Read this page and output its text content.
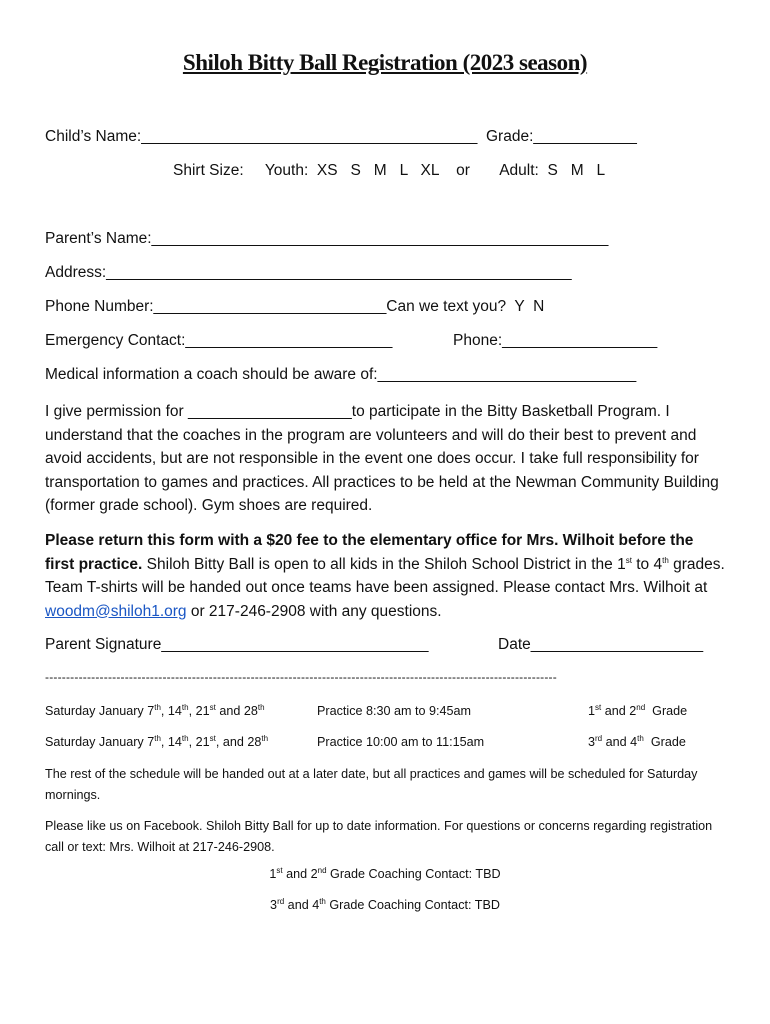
Shiloh Bitty Ball Registration (2023 season)
Child’s Name:_______________________________________  Grade:____________
Shirt Size:     Youth:  XS   S   M   L   XL    or       Adult:  S   M   L
Parent’s Name:_____________________________________________________
Address:______________________________________________________
Phone Number:___________________________Can we text you?  Y  N
Emergency Contact:________________________	Phone:__________________
Medical information a coach should be aware of:______________________________
I give permission for ___________________to participate in the Bitty Basketball Program. I understand that the coaches in the program are volunteers and will do their best to prevent and avoid accidents, but are not responsible in the event one does occur. I take full responsibility for transportation to games and practices. All practices to be held at the Newman Community Building (former grade school). Gym shoes are required.
Please return this form with a $20 fee to the elementary office for Mrs. Wilhoit before the first practice. Shiloh Bitty Ball is open to all kids in the Shiloh School District in the 1st to 4th grades. Team T-shirts will be handed out once teams have been assigned. Please contact Mrs. Wilhoit at woodm@shiloh1.org or 217-246-2908 with any questions.
Parent Signature_______________________________	Date____________________
--------------------------------------------------------------------------------------------------------------------------
Saturday January 7th, 14th, 21st and 28th	Practice 8:30 am to 9:45am	1st and 2nd  Grade
Saturday January 7th, 14th, 21st, and 28th	Practice 10:00 am to 11:15am	3rd and 4th  Grade
The rest of the schedule will be handed out at a later date, but all practices and games will be scheduled for Saturday mornings.
Please like us on Facebook. Shiloh Bitty Ball for up to date information. For questions or concerns regarding registration call or text: Mrs. Wilhoit at 217-246-2908.
1st and 2nd Grade Coaching Contact: TBD
3rd and 4th Grade Coaching Contact: TBD
